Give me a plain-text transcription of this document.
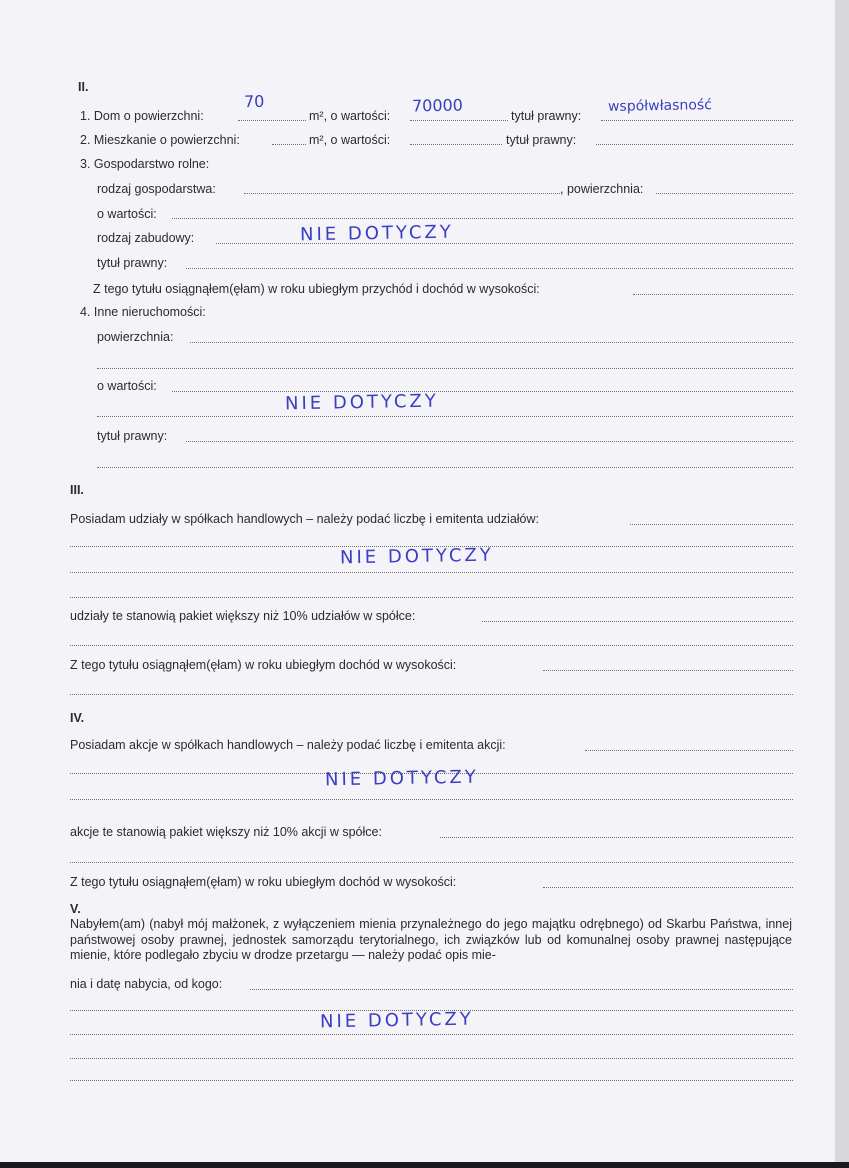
II.
1. Dom o powierzchni:
70
m², o wartości:
70000
tytuł prawny:
współwłasność
2. Mieszkanie o powierzchni:	m², o wartości:	tytuł prawny:
3. Gospodarstwo rolne:
rodzaj gospodarstwa:	, powierzchnia:
o wartości:
rodzaj zabudowy:	NIE DOTYCZY
tytuł prawny:
Z tego tytułu osiągnąłem(ęłam) w roku ubiegłym przychód i dochód w wysokości:
4. Inne nieruchomości:
powierzchnia:
o wartości:
NIE DOTYCZY
tytuł prawny:
III.
Posiadam udziały w spółkach handlowych – należy podać liczbę i emitenta udziałów:
NIE DOTYCZY
udziały te stanowią pakiet większy niż 10% udziałów w spółce:
Z tego tytułu osiągnąłem(ęłam) w roku ubiegłym dochód w wysokości:
IV.
Posiadam akcje w spółkach handlowych – należy podać liczbę i emitenta akcji:
NIE DOTYCZY
akcje te stanowią pakiet większy niż 10% akcji w spółce:
Z tego tytułu osiągnąłem(ęłam) w roku ubiegłym dochód w wysokości:
V.
Nabyłem(am) (nabył mój małżonek, z wyłączeniem mienia przynależnego do jego majątku odrębnego) od Skarbu Państwa, innej państwowej osoby prawnej, jednostek samorządu terytorialnego, ich związków lub od komunalnej osoby prawnej następujące mienie, które podlegało zbyciu w drodze przetargu — należy podać opis mie-
nia i datę nabycia, od kogo:
NIE DOTYCZY
